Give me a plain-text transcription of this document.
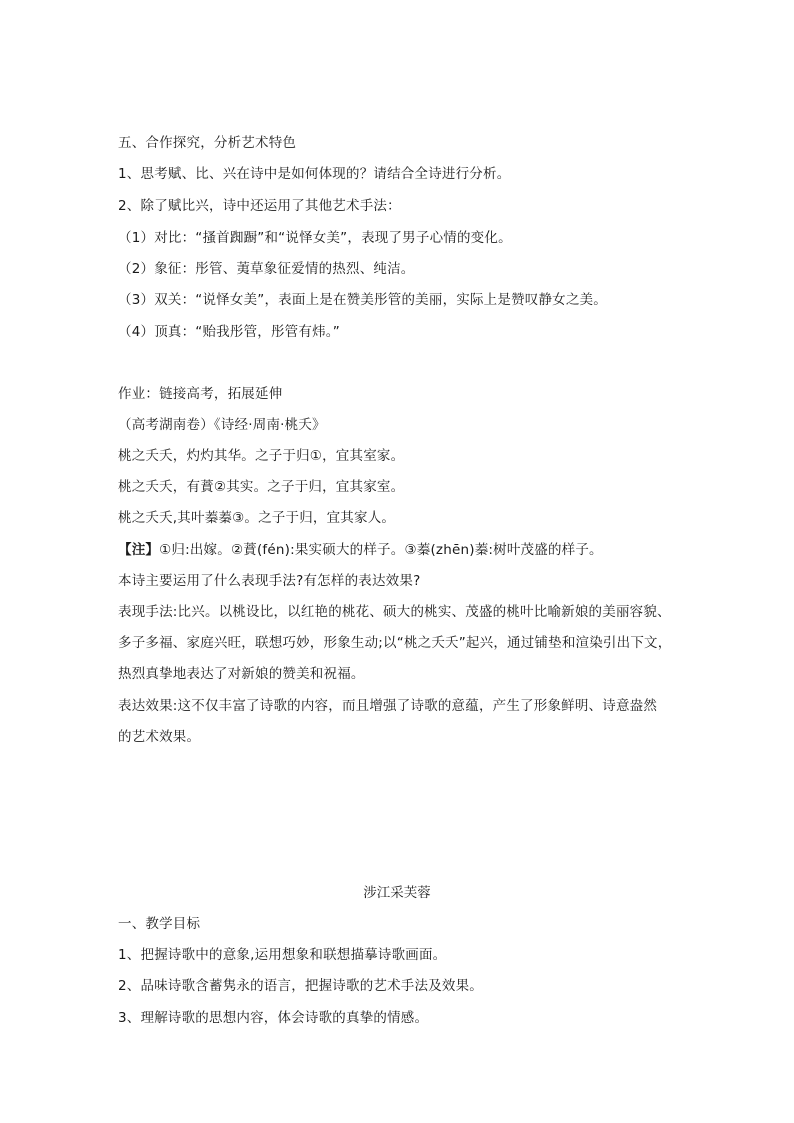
五、合作探究，分析艺术特色
1、思考赋、比、兴在诗中是如何体现的？请结合全诗进行分析。
2、除了赋比兴，诗中还运用了其他艺术手法：
（1）对比：“搔首踟蹰”和“说怿女美”，表现了男子心情的变化。
（2）象征：彤管、荑草象征爱情的热烈、纯洁。
（3）双关：“说怿女美”，表面上是在赞美彤管的美丽，实际上是赞叹静女之美。
（4）顶真：“贻我彤管，彤管有炜。”
作业：链接高考，拓展延伸
（高考湖南卷）《诗经·周南·桃夭》
桃之夭夭，灼灼其华。之子于归①，宜其室家。
桃之夭夭，有蕡②其实。之子于归，宜其家室。
桃之夭夭,其叶蓁蓁③。之子于归，宜其家人。
【注】①归:出嫁。②蕡(fén):果实硕大的样子。③蓁(zhēn)蓁:树叶茂盛的样子。
本诗主要运用了什么表现手法?有怎样的表达效果?
表现手法:比兴。以桃设比，以红艳的桃花、硕大的桃实、茂盛的桃叶比喻新娘的美丽容貌、
多子多福、家庭兴旺，联想巧妙，形象生动;以“桃之夭夭”起兴，通过铺垫和渲染引出下文，
热烈真挚地表达了对新娘的赞美和祝福。
表达效果:这不仅丰富了诗歌的内容，而且增强了诗歌的意蕴，产生了形象鲜明、诗意盎然
的艺术效果。
涉江采芙蓉
一、教学目标
1、把握诗歌中的意象,运用想象和联想描摹诗歌画面。
2、品味诗歌含蓄隽永的语言，把握诗歌的艺术手法及效果。
3、理解诗歌的思想内容，体会诗歌的真挚的情感。
